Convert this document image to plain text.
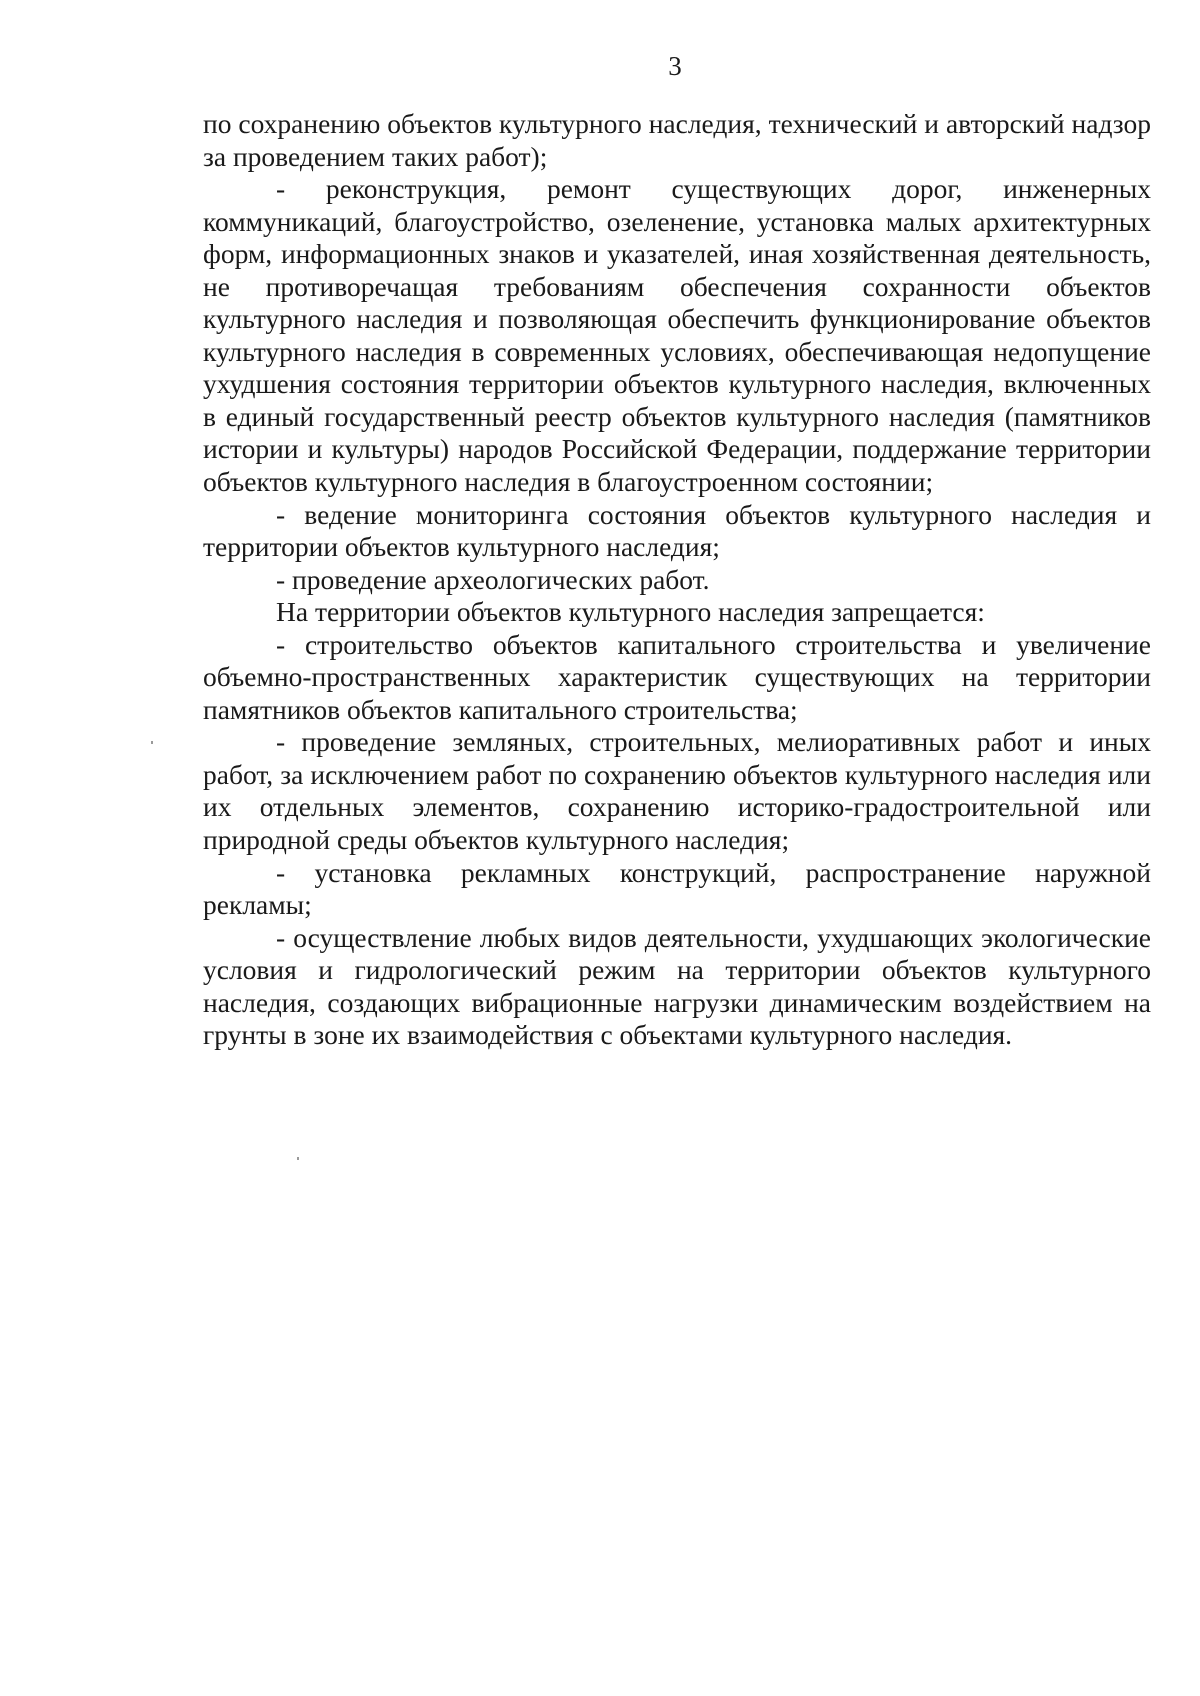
3

по сохранению объектов культурного наследия, технический и авторский надзор за проведением таких работ);

- реконструкция, ремонт существующих дорог, инженерных коммуникаций, благоустройство, озеленение, установка малых архитектурных форм, информационных знаков и указателей, иная хозяйственная деятельность, не противоречащая требованиям обеспечения сохранности объектов культурного наследия и позволяющая обеспечить функционирование объектов культурного наследия в современных условиях, обеспечивающая недопущение ухудшения состояния территории объектов культурного наследия, включенных в единый государственный реестр объектов культурного наследия (памятников истории и культуры) народов Российской Федерации, поддержание территории объектов культурного наследия в благоустроенном состоянии;

- ведение мониторинга состояния объектов культурного наследия и территории объектов культурного наследия;

- проведение археологических работ.

На территории объектов культурного наследия запрещается:

- строительство объектов капитального строительства и увеличение объемно-пространственных характеристик существующих на территории памятников объектов капитального строительства;

- проведение земляных, строительных, мелиоративных работ и иных работ, за исключением работ по сохранению объектов культурного наследия или их отдельных элементов, сохранению историко-градостроительной или природной среды объектов культурного наследия;

- установка рекламных конструкций, распространение наружной рекламы;

- осуществление любых видов деятельности, ухудшающих экологические условия и гидрологический режим на территории объектов культурного наследия, создающих вибрационные нагрузки динамическим воздействием на грунты в зоне их взаимодействия с объектами культурного наследия.
